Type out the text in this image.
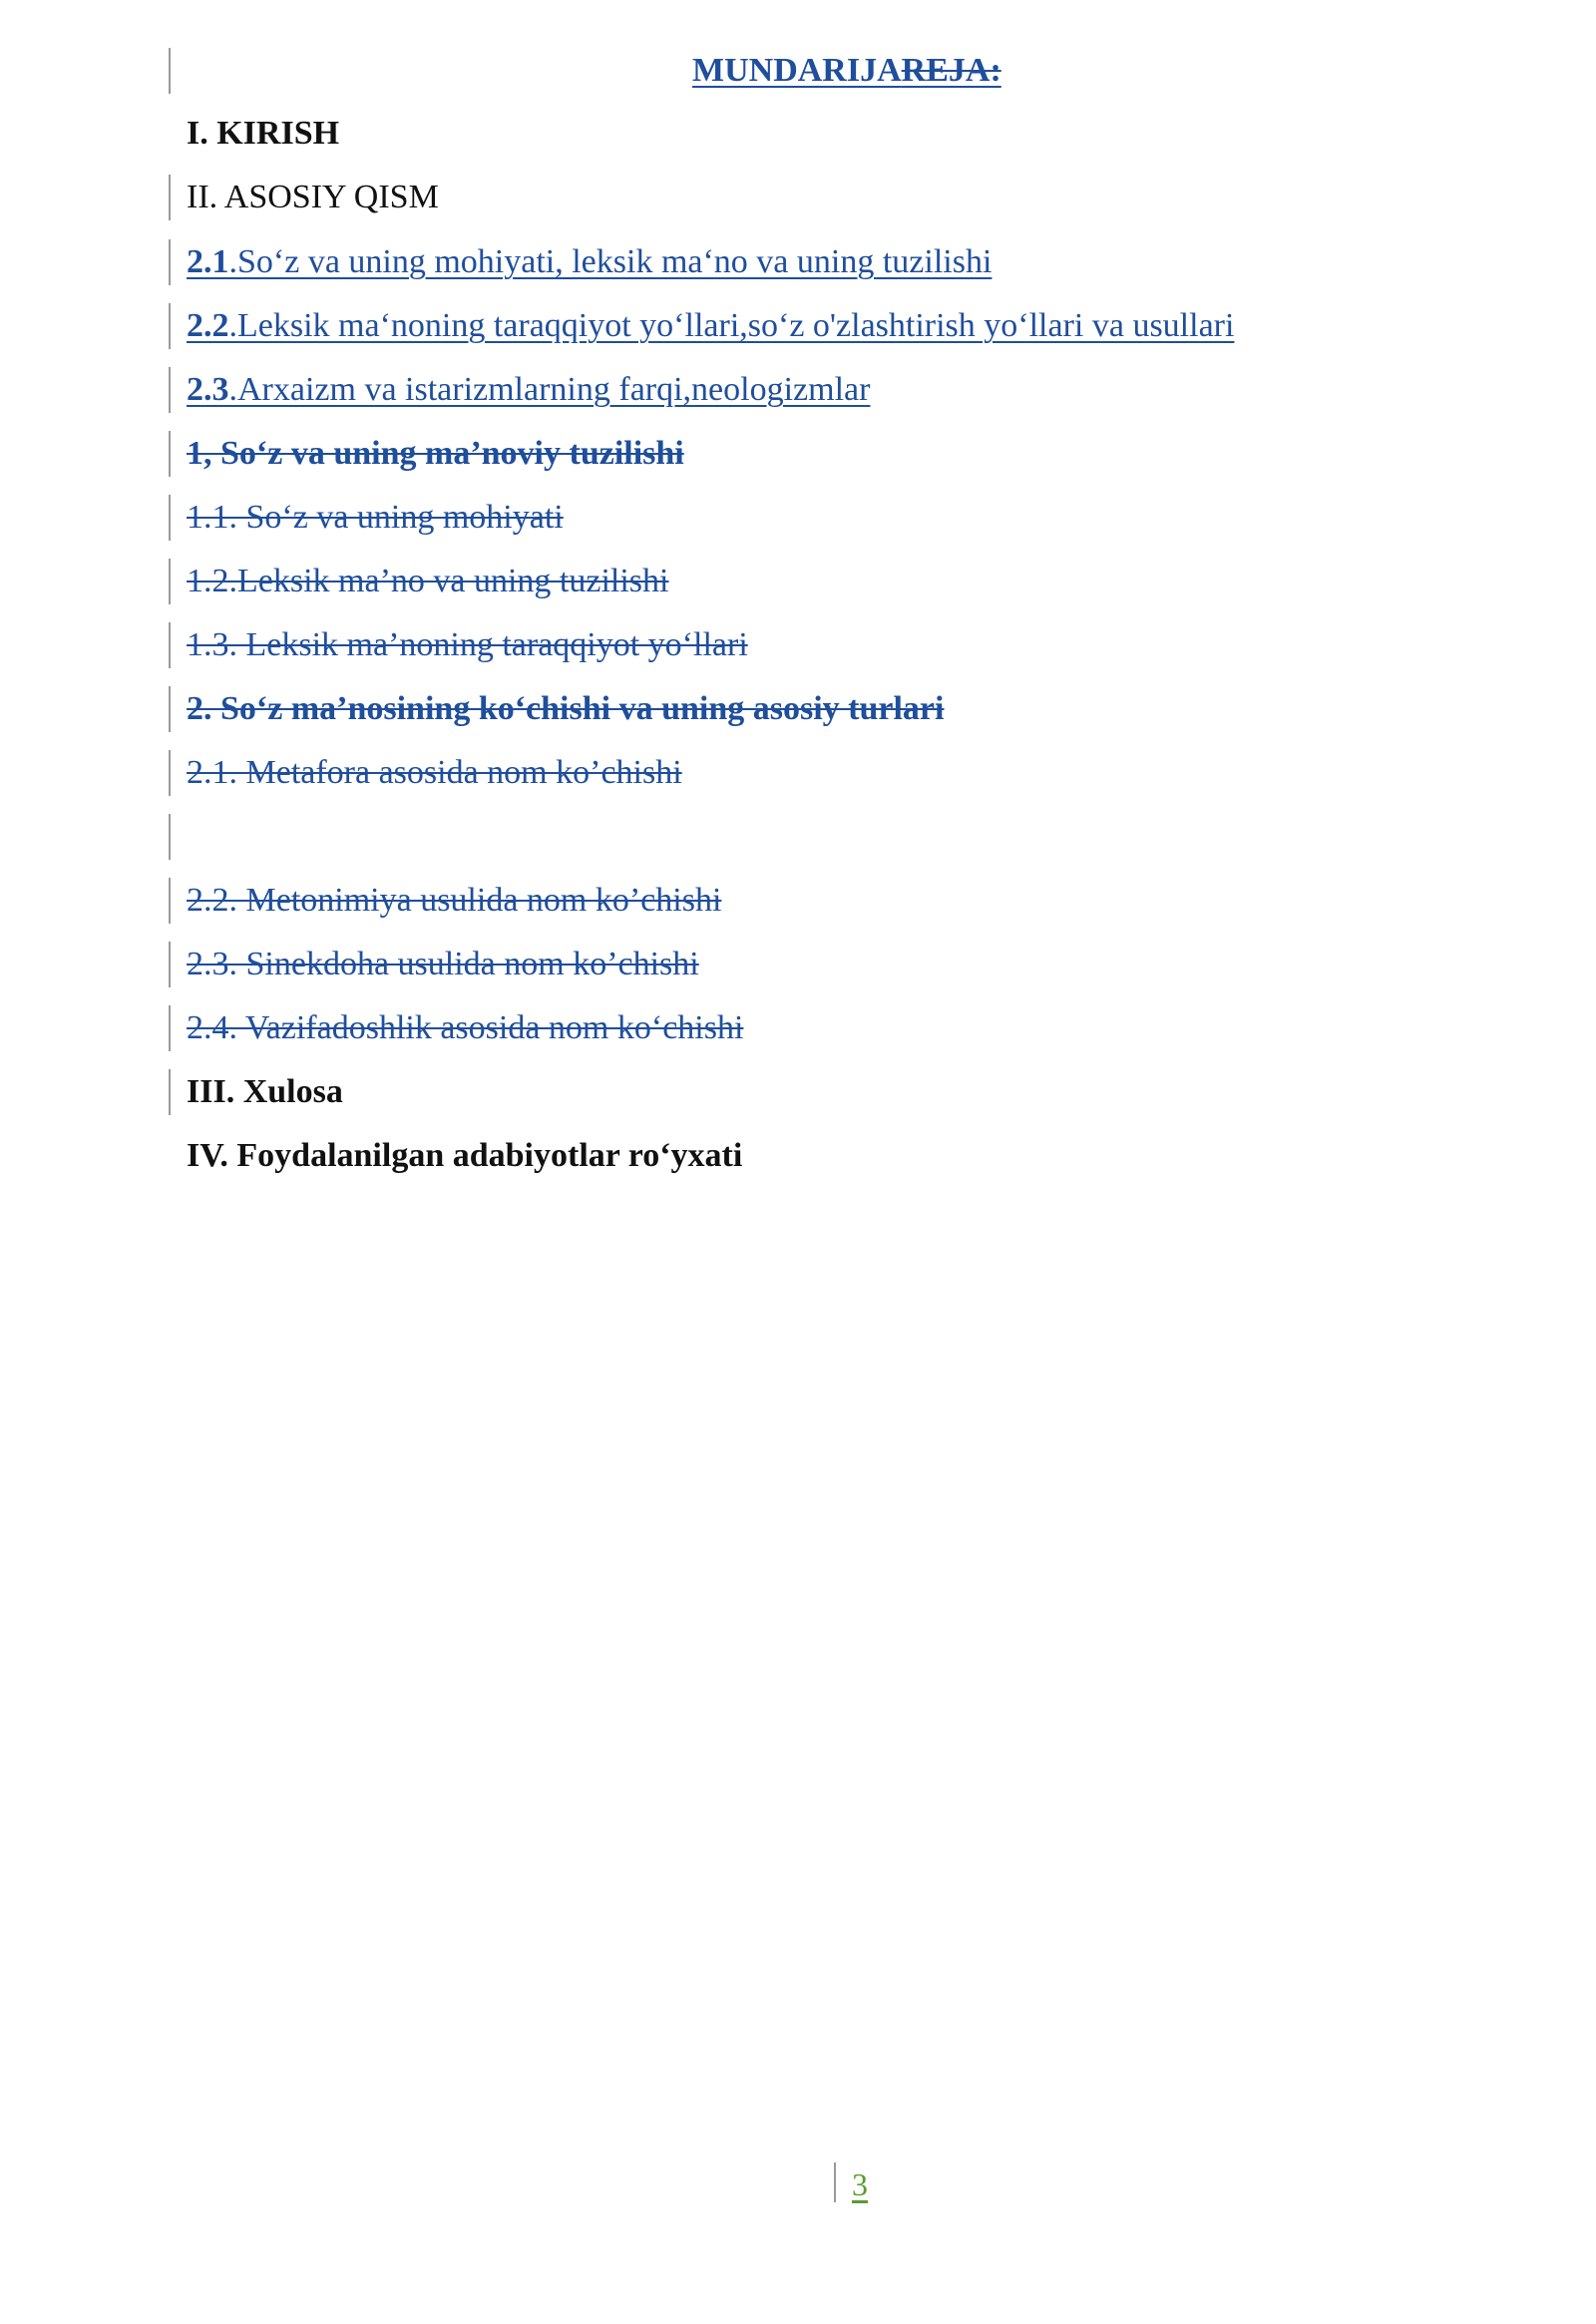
MUNDARIJAREJA:
I. KIRISH
II. ASOSIY QISM
2.1.So‘z va uning mohiyati, leksik ma‘no va uning tuzilishi
2.2.Leksik ma‘noning taraqqiyot yo‘llari,so‘z o'zlashtirish yo‘llari va usullari
2.3.Arxaizm va istarizmlarning farqi,neologizmlar
1, So‘z va uning ma’noviy tuzilishi
1.1. So‘z va uning mohiyati
1.2.Leksik ma’no va uning tuzilishi
1.3. Leksik ma’noning taraqqiyot yo‘llari
2. So‘z ma’nosining ko‘chishi va uning asosiy turlari
2.1. Metafora asosida nom ko’chishi
2.2. Metonimiya usulida nom ko’chishi
2.3. Sinekdoha usulida nom ko’chishi
2.4. Vazifadoshlik asosida nom ko‘chishi
III. Xulosa
IV. Foydalanilgan adabiyotlar ro‘yxati
3
